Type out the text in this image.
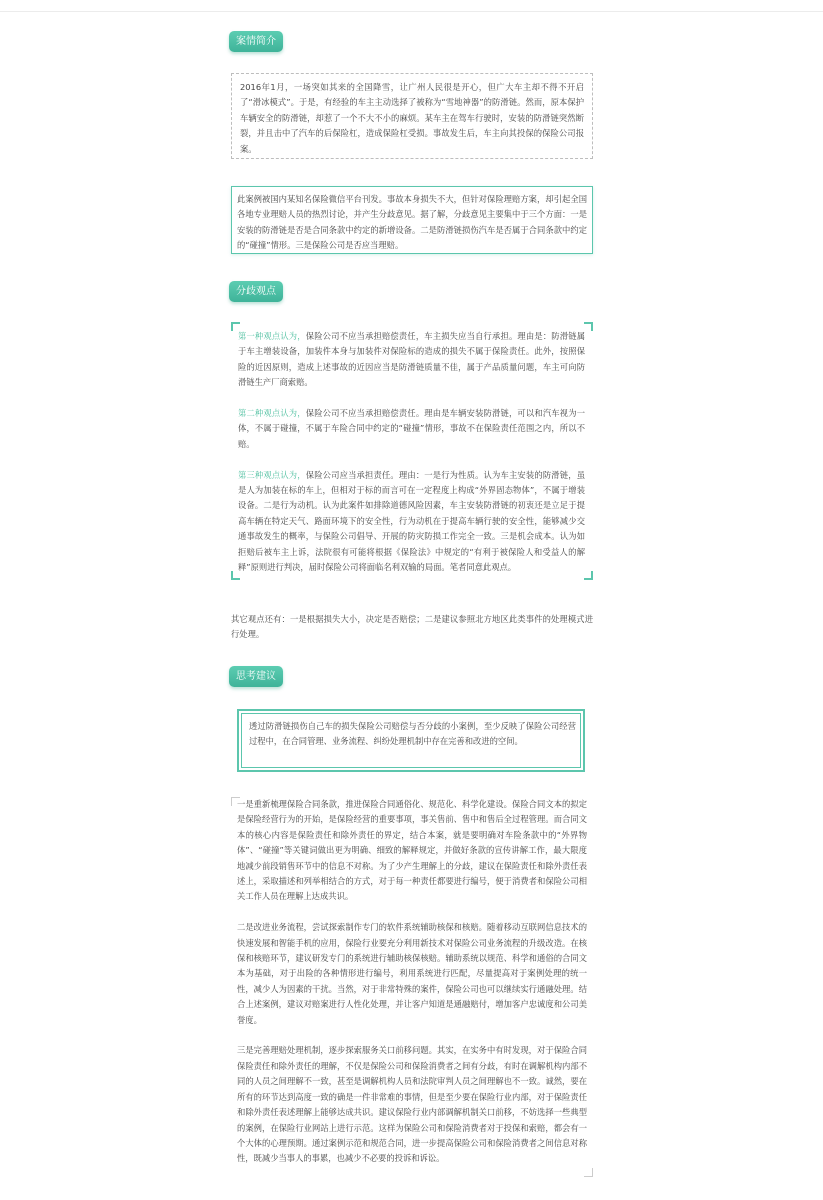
案情简介

2016年1月，一场突如其来的全国降雪，让广州人民很是开心，但广大车主却不得不开启了“滑冰模式”。于是，有经验的车主主动选择了被称为“雪地神器”的防滑链。然而，原本保护车辆安全的防滑链，却惹了一个不大不小的麻烦。某车主在驾车行驶时，安装的防滑链突然断裂，并且击中了汽车的后保险杠，造成保险杠受损。事故发生后，车主向其投保的保险公司报案。

此案例被国内某知名保险微信平台刊发。事故本身损失不大，但针对保险理赔方案，却引起全国各地专业理赔人员的热烈讨论，并产生分歧意见。据了解，分歧意见主要集中于三个方面：一是安装的防滑链是否是合同条款中约定的新增设备。二是防滑链损伤汽车是否属于合同条款中约定的“碰撞”情形。三是保险公司是否应当理赔。

分歧观点

第一种观点认为，保险公司不应当承担赔偿责任，车主损失应当自行承担。理由是：防滑链属于车主增装设备，加装件本身与加装件对保险标的造成的损失不属于保险责任。此外，按照保险的近因原则，造成上述事故的近因应当是防滑链质量不佳，属于产品质量问题，车主可向防滑链生产厂商索赔。

第二种观点认为，保险公司不应当承担赔偿责任。理由是车辆安装防滑链，可以和汽车视为一体，不属于碰撞，不属于车险合同中约定的“碰撞”情形，事故不在保险责任范围之内，所以不赔。

第三种观点认为，保险公司应当承担责任。理由：一是行为性质。认为车主安装的防滑链，虽是人为加装在标的车上，但相对于标的而言可在一定程度上构成“外界固态物体”，不属于增装设备。二是行为动机。认为此案件如排除道德风险因素，车主安装防滑链的初衷还是立足于提高车辆在特定天气、路面环境下的安全性，行为动机在于提高车辆行驶的安全性，能够减少交通事故发生的概率，与保险公司倡导、开展的防灾防损工作完全一致。三是机会成本。认为如拒赔后被车主上诉，法院很有可能将根据《保险法》中规定的“有利于被保险人和受益人的解释”原则进行判决，届时保险公司将面临名利双输的局面。笔者同意此观点。

其它观点还有：一是根据损失大小，决定是否赔偿；二是建议参照北方地区此类事件的处理模式进行处理。

思考建议

透过防滑链损伤自己车的损失保险公司赔偿与否分歧的小案例，至少反映了保险公司经营过程中，在合同管理、业务流程、纠纷处理机制中存在完善和改进的空间。

一是重新梳理保险合同条款，推进保险合同通俗化、规范化、科学化建设。保险合同文本的拟定是保险经营行为的开始，是保险经营的重要事项，事关售前、售中和售后全过程管理。而合同文本的核心内容是保险责任和除外责任的界定，结合本案，就是要明确对车险条款中的“外界物体”、“碰撞”等关键词做出更为明确、细致的解释规定，并做好条款的宣传讲解工作，最大限度地减少前段销售环节中的信息不对称。为了少产生理解上的分歧，建议在保险责任和除外责任表述上，采取描述和列举相结合的方式，对于每一种责任都要进行编号，便于消费者和保险公司相关工作人员在理解上达成共识。

二是改进业务流程，尝试探索制作专门的软件系统辅助核保和核赔。随着移动互联网信息技术的快速发展和智能手机的应用，保险行业要充分利用新技术对保险公司业务流程的升级改造。在核保和核赔环节，建议研发专门的系统进行辅助核保核赔。辅助系统以规范、科学和通俗的合同文本为基础，对于出险的各种情形进行编号，利用系统进行匹配，尽量提高对于案例处理的统一性，减少人为因素的干扰。当然，对于非常特殊的案件，保险公司也可以继续实行通融处理。结合上述案例，建议对赔案进行人性化处理，并让客户知道是通融赔付，增加客户忠诚度和公司美誉度。

三是完善理赔处理机制，逐步探索服务关口前移问题。其实，在实务中有时发现，对于保险合同保险责任和除外责任的理解，不仅是保险公司和保险消费者之间有分歧，有时在调解机构内部不同的人员之间理解不一致，甚至是调解机构人员和法院审判人员之间理解也不一致。诚然，要在所有的环节达到高度一致的确是一件非常难的事情，但是至少要在保险行业内部，对于保险责任和除外责任表述理解上能够达成共识。建议保险行业内部调解机制关口前移，不妨选择一些典型的案例，在保险行业网站上进行示范。这样为保险公司和保险消费者对于投保和索赔，都会有一个大体的心理预期。通过案例示范和规范合同，进一步提高保险公司和保险消费者之间信息对称性，既减少当事人的事累，也减少不必要的投诉和诉讼。
